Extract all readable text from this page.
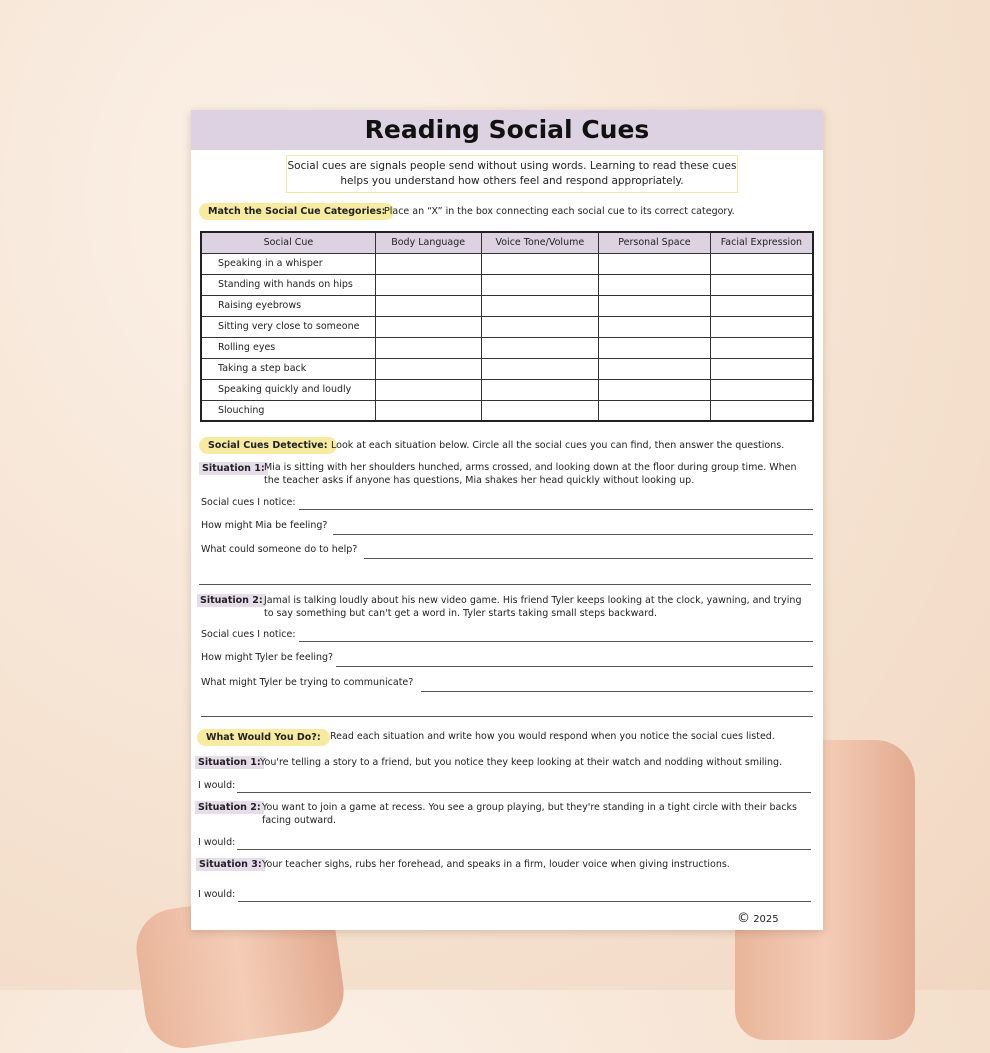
Reading Social Cues
Social cues are signals people send without using words. Learning to read these cues helps you understand how others feel and respond appropriately.
Match the Social Cue Categories:
Place an “X” in the box connecting each social cue to its correct category.
Social Cue	Body Language	Voice Tone/Volume	Personal Space	Facial Expression
Speaking in a whisper				
Standing with hands on hips				
Raising eyebrows				
Sitting very close to someone				
Rolling eyes				
Taking a step back				
Speaking quickly and loudly				
Slouching				
Social Cues Detective: Look at each situation below. Circle all the social cues you can find, then answer the questions.
Situation 1: Mia is sitting with her shoulders hunched, arms crossed, and looking down at the floor during group time. When the teacher asks if anyone has questions, Mia shakes her head quickly without looking up.
Social cues I notice:
How might Mia be feeling?
What could someone do to help?
Situation 2: Jamal is talking loudly about his new video game. His friend Tyler keeps looking at the clock, yawning, and trying to say something but can't get a word in. Tyler starts taking small steps backward.
Social cues I notice:
How might Tyler be feeling?
What might Tyler be trying to communicate?
What Would You Do?: Read each situation and write how you would respond when you notice the social cues listed.
Situation 1: You're telling a story to a friend, but you notice they keep looking at their watch and nodding without smiling.
I would:
Situation 2: You want to join a game at recess. You see a group playing, but they're standing in a tight circle with their backs facing outward.
I would:
Situation 3: Your teacher sighs, rubs her forehead, and speaks in a firm, louder voice when giving instructions.
I would:
© 2025
